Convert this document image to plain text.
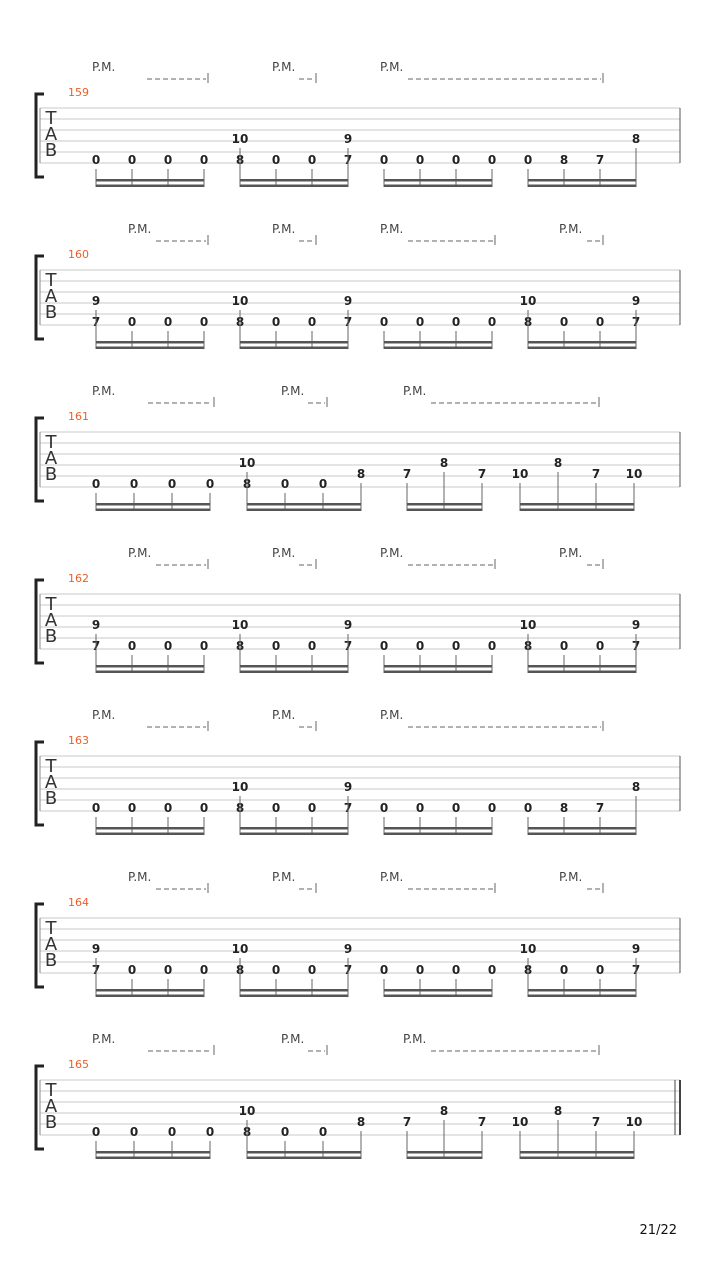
P.M.	P.M.	P.M.
159
T
A
B	0 0 0 0
10
8 0 0
9
7 0 0 0 0 0 8 7
8
P.M.	P.M.	P.M.	P.M.
160
T
A
B
9
7 0 0 0
10
8 0 0
9
7 0 0 0 0
10
8 0 0
9
7
P.M.	P.M.	P.M.
161
T
A
B	0 0 0 0
10
8 0 0
8	7
8
7 10
8
7 10
P.M.	P.M.	P.M.	P.M.
162
T
A
B
9
7 0 0 0
10
8 0 0
9
7 0 0 0 0
10
8 0 0
9
7
P.M.	P.M.	P.M.
163
T
A
B	0 0 0 0
10
8 0 0
9
7 0 0 0 0 0 8 7
8
P.M.	P.M.	P.M.	P.M.
164
T
A
B
9
7 0 0 0
10
8 0 0
9
7 0 0 0 0
10
8 0 0
9
7
P.M.	P.M.	P.M.
165
T
A
B	0 0 0 0
10
8 0 0
8	7
8
7 10
8
7 10
21/22
